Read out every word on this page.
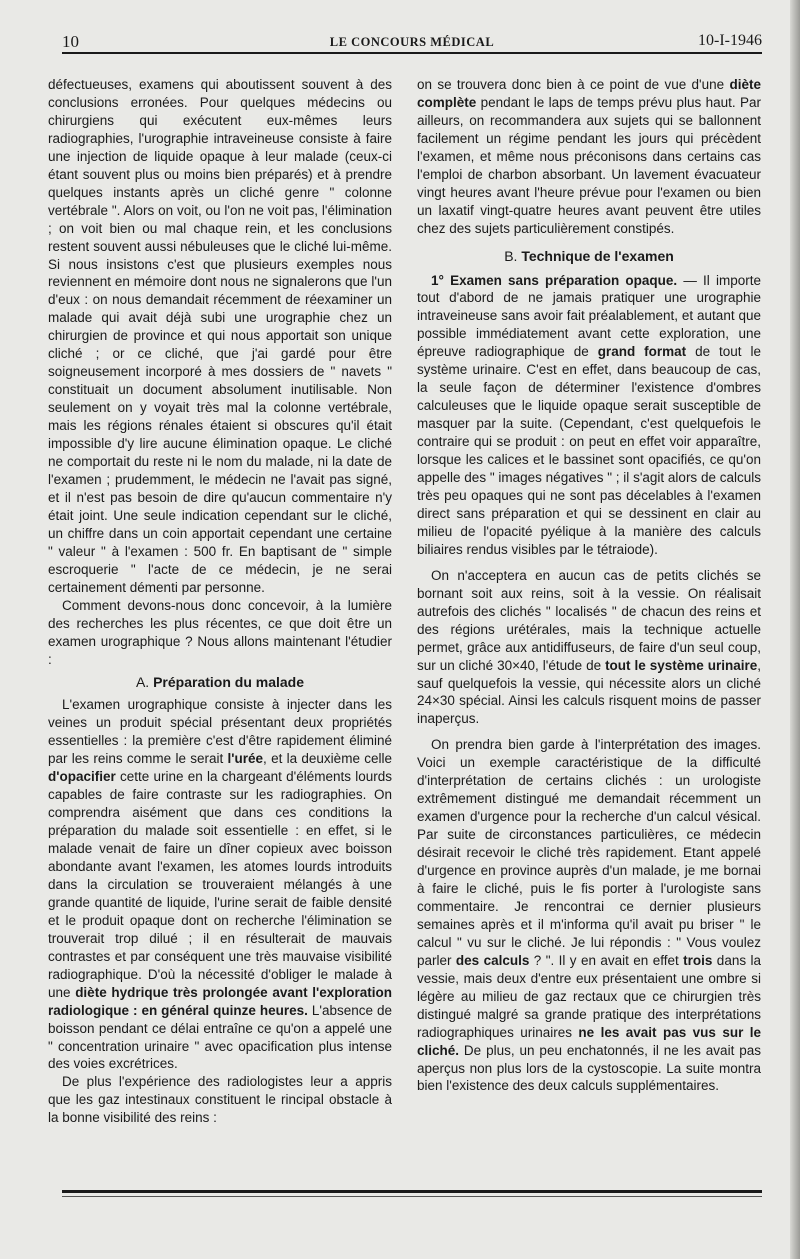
10	LE CONCOURS MÉDICAL	10-I-1946

défectueuses, examens qui aboutissent souvent à des conclusions erronées. Pour quelques médecins ou chirurgiens qui exécutent eux-mêmes leurs radiographies, l'urographie intraveineuse consiste à faire une injection de liquide opaque à leur malade (ceux-ci étant souvent plus ou moins bien préparés) et à prendre quelques instants après un cliché genre " colonne vertébrale ". Alors on voit, ou l'on ne voit pas, l'élimination ; on voit bien ou mal chaque rein, et les conclusions restent souvent aussi nébuleuses que le cliché lui-même. Si nous insistons c'est que plusieurs exemples nous reviennent en mémoire dont nous ne signalerons que l'un d'eux : on nous demandait récemment de réexaminer un malade qui avait déjà subi une urographie chez un chirurgien de province et qui nous apportait son unique cliché ; or ce cliché, que j'ai gardé pour être soigneusement incorporé à mes dossiers de " navets " constituait un document absolument inutilisable. Non seulement on y voyait très mal la colonne vertébrale, mais les régions rénales étaient si obscures qu'il était impossible d'y lire aucune élimination opaque. Le cliché ne comportait du reste ni le nom du malade, ni la date de l'examen ; prudemment, le médecin ne l'avait pas signé, et il n'est pas besoin de dire qu'aucun commentaire n'y était joint. Une seule indication cependant sur le cliché, un chiffre dans un coin apportait cependant une certaine " valeur " à l'examen : 500 fr. En baptisant de " simple escroquerie " l'acte de ce médecin, je ne serai certainement démenti par personne.

Comment devons-nous donc concevoir, à la lumière des recherches les plus récentes, ce que doit être un examen urographique ? Nous allons maintenant l'étudier :

A. Préparation du malade

L'examen urographique consiste à injecter dans les veines un produit spécial présentant deux propriétés essentielles : la première c'est d'être rapidement éliminé par les reins comme le serait l'urée, et la deuxième celle d'opacifier cette urine en la chargeant d'éléments lourds capables de faire contraste sur les radiographies. On comprendra aisément que dans ces conditions la préparation du malade soit essentielle : en effet, si le malade venait de faire un dîner copieux avec boisson abondante avant l'examen, les atomes lourds introduits dans la circulation se trouveraient mélangés à une grande quantité de liquide, l'urine serait de faible densité et le produit opaque dont on recherche l'élimination se trouverait trop dilué ; il en résulterait de mauvais contrastes et par conséquent une très mauvaise visibilité radiographique. D'où la nécessité d'obliger le malade à une diète hydrique très prolongée avant l'exploration radiologique : en général quinze heures. L'absence de boisson pendant ce délai entraîne ce qu'on a appelé une " concentration urinaire " avec opacification plus intense des voies excrétrices.

De plus l'expérience des radiologistes leur a appris que les gaz intestinaux constituent le rincipal obstacle à la bonne visibilité des reins :

on se trouvera donc bien à ce point de vue d'une diète complète pendant le laps de temps prévu plus haut. Par ailleurs, on recommandera aux sujets qui se ballonnent facilement un régime pendant les jours qui précèdent l'examen, et même nous préconisons dans certains cas l'emploi de charbon absorbant. Un lavement évacuateur vingt heures avant l'heure prévue pour l'examen ou bien un laxatif vingt-quatre heures avant peuvent être utiles chez des sujets particulièrement constipés.

B. Technique de l'examen

1° Examen sans préparation opaque. — Il importe tout d'abord de ne jamais pratiquer une urographie intraveineuse sans avoir fait préalablement, et autant que possible immédiatement avant cette exploration, une épreuve radiographique de grand format de tout le système urinaire. C'est en effet, dans beaucoup de cas, la seule façon de déterminer l'existence d'ombres calculeuses que le liquide opaque serait susceptible de masquer par la suite. (Cependant, c'est quelquefois le contraire qui se produit : on peut en effet voir apparaître, lorsque les calices et le bassinet sont opacifiés, ce qu'on appelle des " images négatives " ; il s'agit alors de calculs très peu opaques qui ne sont pas décelables à l'examen direct sans préparation et qui se dessinent en clair au milieu de l'opacité pyélique à la manière des calculs biliaires rendus visibles par le tétraiode).

On n'acceptera en aucun cas de petits clichés se bornant soit aux reins, soit à la vessie. On réalisait autrefois des clichés " localisés " de chacun des reins et des régions urétérales, mais la technique actuelle permet, grâce aux antidiffuseurs, de faire d'un seul coup, sur un cliché 30×40, l'étude de tout le système urinaire, sauf quelquefois la vessie, qui nécessite alors un cliché 24×30 spécial. Ainsi les calculs risquent moins de passer inaperçus.

On prendra bien garde à l'interprétation des images. Voici un exemple caractéristique de la difficulté d'interprétation de certains clichés : un urologiste extrêmement distingué me demandait récemment un examen d'urgence pour la recherche d'un calcul vésical. Par suite de circonstances particulières, ce médecin désirait recevoir le cliché très rapidement. Etant appelé d'urgence en province auprès d'un malade, je me bornai à faire le cliché, puis le fis porter à l'urologiste sans commentaire. Je rencontrai ce dernier plusieurs semaines après et il m'informa qu'il avait pu briser " le calcul " vu sur le cliché. Je lui répondis : " Vous voulez parler des calculs ? ". Il y en avait en effet trois dans la vessie, mais deux d'entre eux présentaient une ombre si légère au milieu de gaz rectaux que ce chirurgien très distingué malgré sa grande pratique des interprétations radiographiques urinaires ne les avait pas vus sur le cliché. De plus, un peu enchatonnés, il ne les avait pas aperçus non plus lors de la cystoscopie. La suite montra bien l'existence des deux calculs supplémentaires.
